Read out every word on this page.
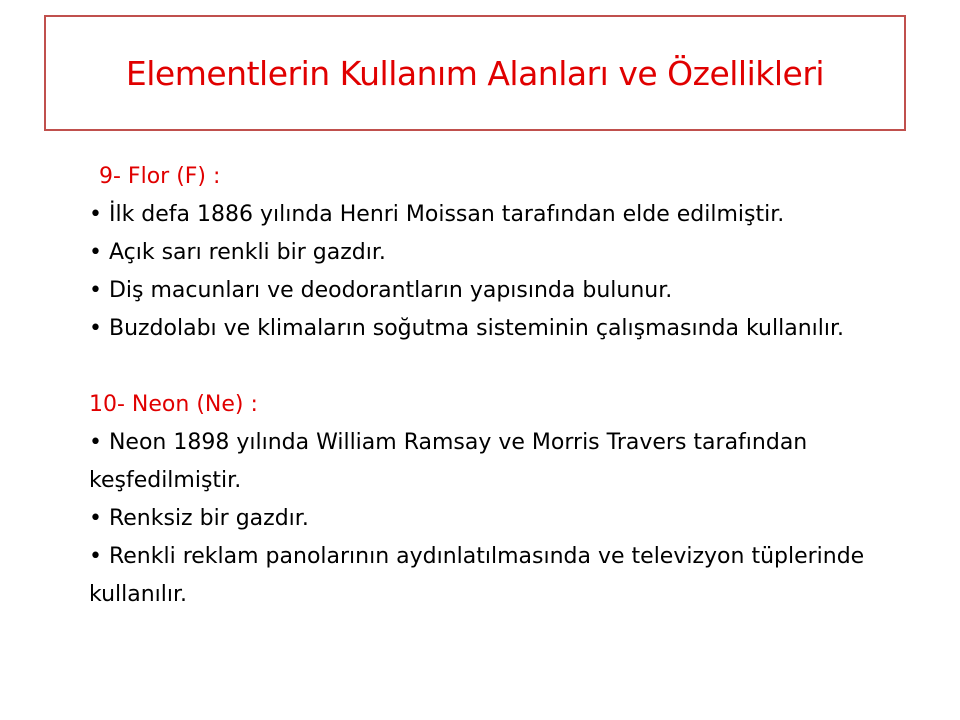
Elementlerin Kullanım Alanları ve Özellikleri
9- Flor (F) :

• İlk defa 1886 yılında Henri Moissan tarafından elde edilmiştir.

• Açık sarı renkli bir gazdır.

• Diş macunları ve deodorantların yapısında bulunur.

• Buzdolabı ve klimaların soğutma sisteminin çalışmasında kullanılır.

10- Neon (Ne) :

• Neon 1898 yılında William Ramsay ve Morris Travers tarafından keşfedilmiştir.

• Renksiz bir gazdır.

• Renkli reklam panolarının aydınlatılmasında ve televizyon tüplerinde kullanılır.
